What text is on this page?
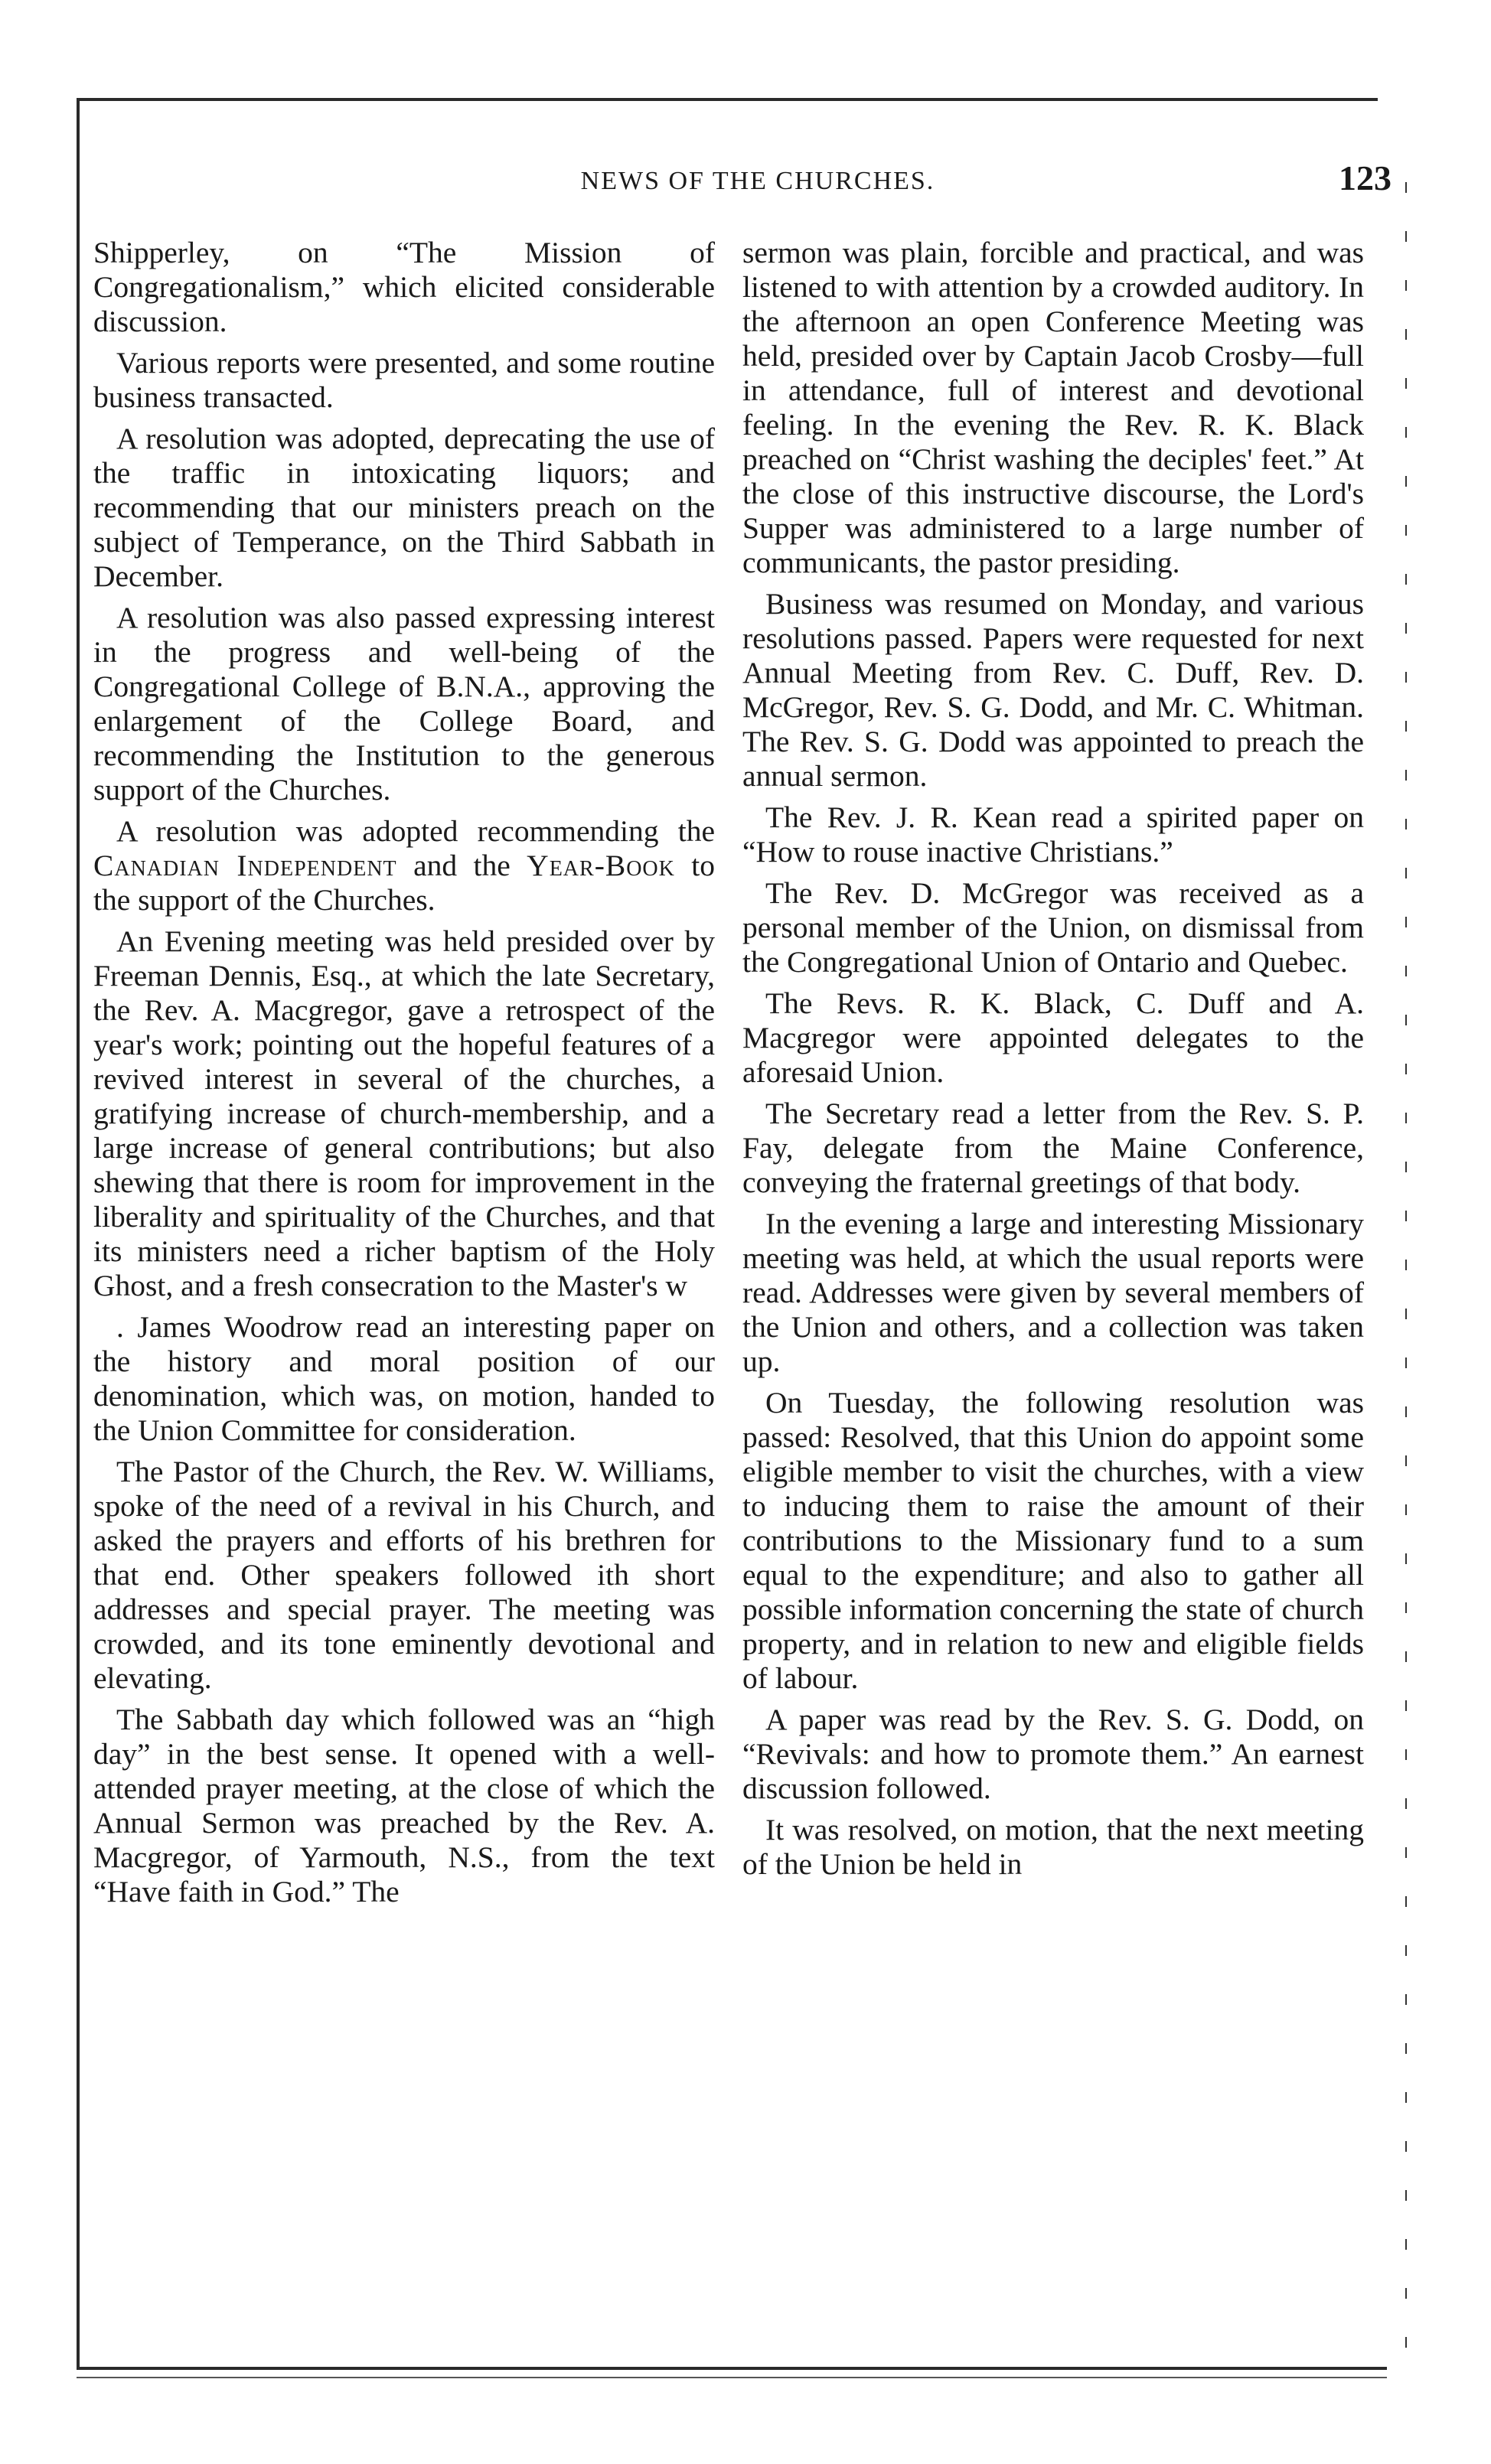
NEWS OF THE CHURCHES.	123

Shipperley, on “The Mission of Congregationalism,” which elicited considerable discussion.

Various reports were presented, and some routine business transacted.

A resolution was adopted, deprecating the use of the traffic in intoxicating liquors; and recommending that our ministers preach on the subject of Temperance, on the Third Sabbath in December.

A resolution was also passed expressing interest in the progress and well-being of the Congregational College of B.N.A., approving the enlargement of the College Board, and recommending the Institution to the generous support of the Churches.

A resolution was adopted recommending the Canadian Independent and the Year-Book to the support of the Churches.

An Evening meeting was held presided over by Freeman Dennis, Esq., at which the late Secretary, the Rev. A. Macgregor, gave a retrospect of the year's work; pointing out the hopeful features of a revived interest in several of the churches, a gratifying increase of church-membership, and a large increase of general contributions; but also shewing that there is room for improvement in the liberality and spirituality of the Churches, and that its ministers need a richer baptism of the Holy Ghost, and a fresh consecration to the Master's w

. James Woodrow read an interesting paper on the history and moral position of our denomination, which was, on motion, handed to the Union Committee for consideration.

The Pastor of the Church, the Rev. W. Williams, spoke of the need of a revival in his Church, and asked the prayers and efforts of his brethren for that end. Other speakers followed ith short addresses and special prayer. The meeting was crowded, and its tone eminently devotional and elevating.

The Sabbath day which followed was an “high day” in the best sense. It opened with a well-attended prayer meeting, at the close of which the Annual Sermon was preached by the Rev. A. Macgregor, of Yarmouth, N.S., from the text “Have faith in God.” The

sermon was plain, forcible and practical, and was listened to with attention by a crowded auditory. In the afternoon an open Conference Meeting was held, presided over by Captain Jacob Crosby—full in attendance, full of interest and devotional feeling. In the evening the Rev. R. K. Black preached on “Christ washing the deciples' feet.” At the close of this instructive discourse, the Lord's Supper was administered to a large number of communicants, the pastor presiding.

Business was resumed on Monday, and various resolutions passed. Papers were requested for next Annual Meeting from Rev. C. Duff, Rev. D. McGregor, Rev. S. G. Dodd, and Mr. C. Whitman. The Rev. S. G. Dodd was appointed to preach the annual sermon.

The Rev. J. R. Kean read a spirited paper on “How to rouse inactive Christians.”

The Rev. D. McGregor was received as a personal member of the Union, on dismissal from the Congregational Union of Ontario and Quebec.

The Revs. R. K. Black, C. Duff and A. Macgregor were appointed delegates to the aforesaid Union.

The Secretary read a letter from the Rev. S. P. Fay, delegate from the Maine Conference, conveying the fraternal greetings of that body.

In the evening a large and interesting Missionary meeting was held, at which the usual reports were read. Addresses were given by several members of the Union and others, and a collection was taken up.

On Tuesday, the following resolution was passed: Resolved, that this Union do appoint some eligible member to visit the churches, with a view to inducing them to raise the amount of their contributions to the Missionary fund to a sum equal to the expenditure; and also to gather all possible information concerning the state of church property, and in relation to new and eligible fields of labour.

A paper was read by the Rev. S. G. Dodd, on “Revivals: and how to promote them.” An earnest discussion followed.

It was resolved, on motion, that the next meeting of the Union be held in
